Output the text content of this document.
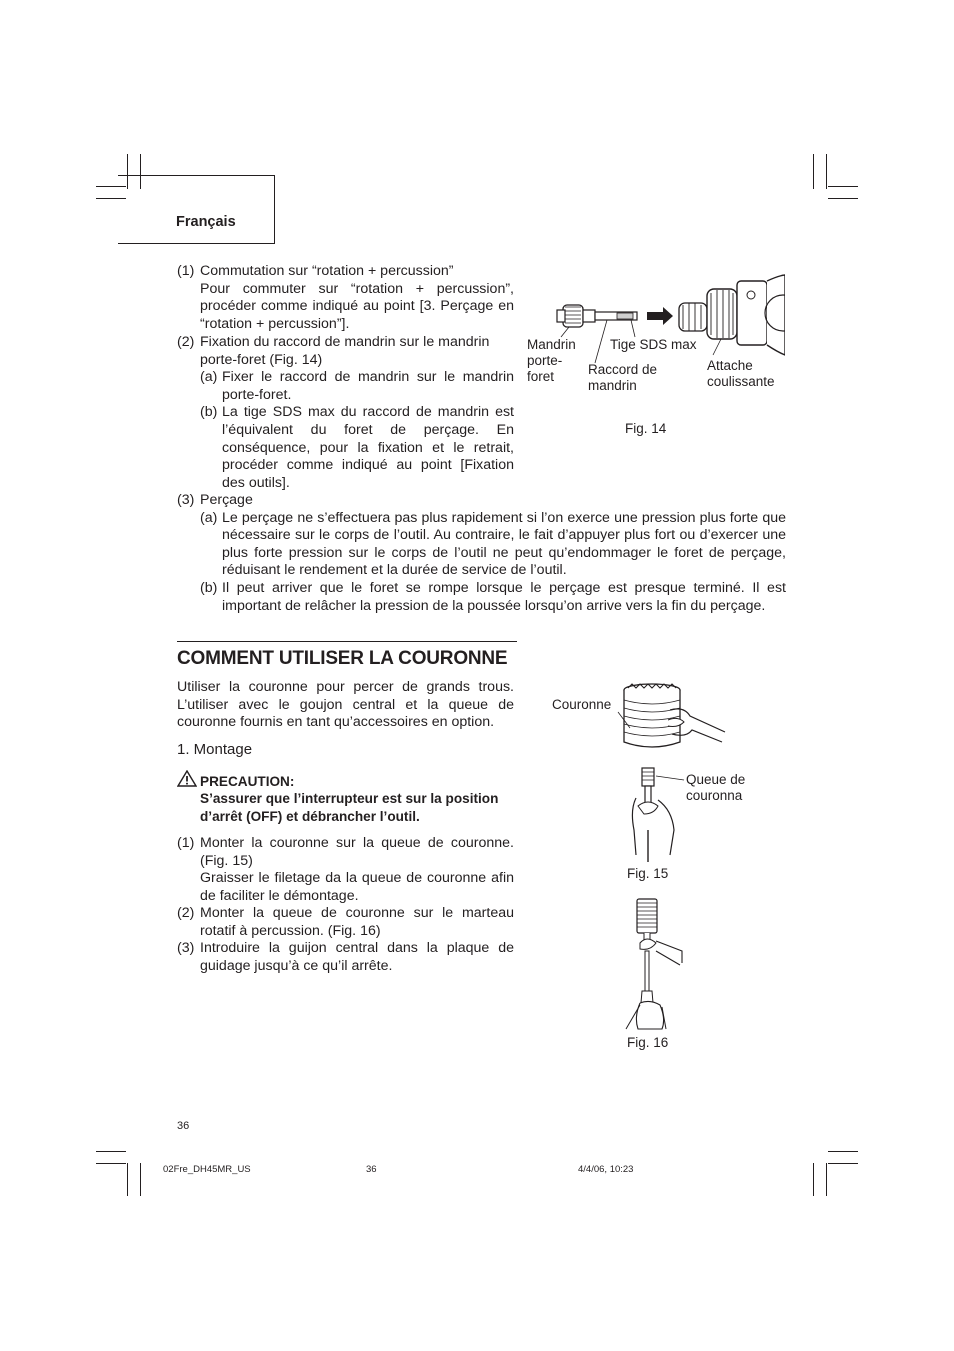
Français
(1) Commutation sur “rotation + percussion”
Pour commuter sur “rotation + percussion”, procéder comme indiqué au point [3. Perçage en “rotation + percussion”].
(2) Fixation du raccord de mandrin sur le mandrin porte-foret (Fig. 14)
(a) Fixer le raccord de mandrin sur le mandrin porte-foret.
(b) La tige SDS max du raccord de mandrin est l’équivalent du foret de perçage. En conséquence, pour la fixation et le retrait, procéder comme indiqué au point [Fixation des outils].
(3) Perçage
(a) Le perçage ne s’effectuera pas plus rapidement si l’on exerce une pression plus forte que nécessaire sur le corps de l’outil. Au contraire, le fait d’appuyer plus fort ou d’exercer une plus forte pression sur le corps de l’outil ne peut qu’endommager le foret de perçage, réduisant le rendement et la durée de service de l’outil.
(b) Il peut arriver que le foret se rompe lorsque le perçage est presque terminé. Il est important de relâcher la pression de la poussée lorsqu’on arrive vers la fin du perçage.
Mandrin porte-foret
Tige SDS max
Raccord de mandrin
Attache coulissante
Fig. 14
COMMENT UTILISER LA COURONNE
Utiliser la couronne pour percer de grands trous. L’utiliser avec le goujon central et la queue de couronne fournis en tant qu’accessoires en option.
1. Montage
PRECAUTION:
S’assurer que l’interrupteur est sur la position d’arrêt (OFF) et débrancher l’outil.
(1) Monter la couronne sur la queue de couronne. (Fig. 15)
Graisser le filetage da la queue de couronne afin de faciliter le démontage.
(2) Monter la queue de couronne sur le marteau rotatif à percussion. (Fig. 16)
(3) Introduire la guijon central dans la plaque de guidage jusqu’à ce qu’il arrête.
Couronne
Queue de couronna
Fig. 15
Fig. 16
36
02Fre_DH45MR_US	36	4/4/06, 10:23
